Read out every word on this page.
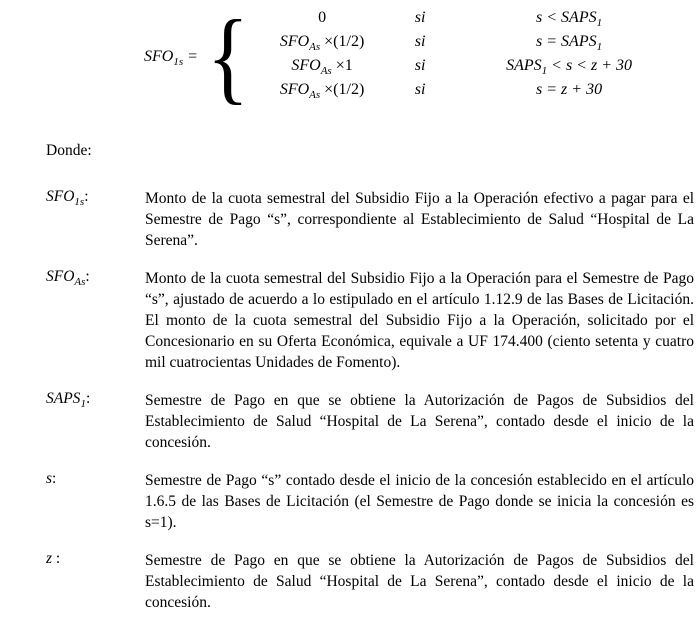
$SFO_{1s}$ = {	0	si	$s < SAPS_1$
$SFO_{As} \times(1/2)$	si	$s = SAPS_1$
$SFO_{As} \times 1$	si	$SAPS_1 < s < z + 30$
$SFO_{As} \times(1/2)$	si	s = z + 30

Donde:

$SFO_{1s}$:	Monto de la cuota semestral del Subsidio Fijo a la Operación efectivo a pagar para el Semestre de Pago “s”, correspondiente al Establecimiento de Salud “Hospital de La Serena”.

$SFO_{As}$:	Monto de la cuota semestral del Subsidio Fijo a la Operación para el Semestre de Pago “s”, ajustado de acuerdo a lo estipulado en el artículo 1.12.9 de las Bases de Licitación. El monto de la cuota semestral del Subsidio Fijo a la Operación, solicitado por el Concesionario en su Oferta Económica, equivale a UF 174.400 (ciento setenta y cuatro mil cuatrocientas Unidades de Fomento).

$SAPS_1$:	Semestre de Pago en que se obtiene la Autorización de Pagos de Subsidios del Establecimiento de Salud “Hospital de La Serena”, contado desde el inicio de la concesión.

s:	Semestre de Pago “s” contado desde el inicio de la concesión establecido en el artículo 1.6.5 de las Bases de Licitación (el Semestre de Pago donde se inicia la concesión es s=1).

z :	Semestre de Pago en que se obtiene la Autorización de Pagos de Subsidios del Establecimiento de Salud “Hospital de La Serena”, contado desde el inicio de la concesión.
